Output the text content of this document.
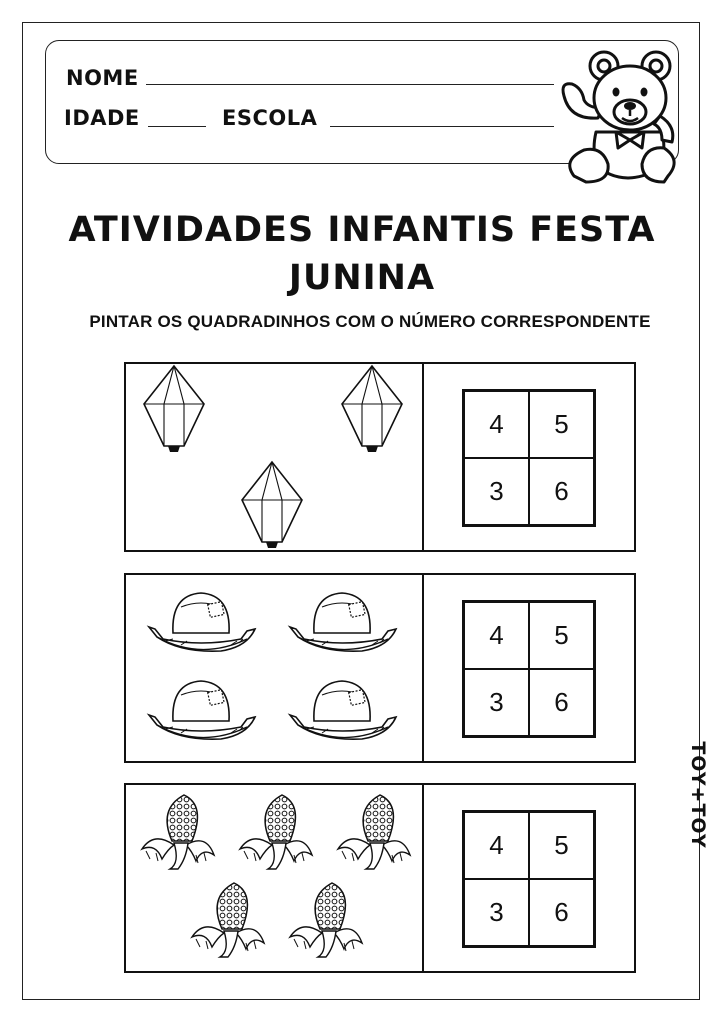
NOME
IDADE	ESCOLA
ATIVIDADES INFANTIS FESTA
JUNINA
PINTAR OS QUADRADINHOS COM O NÚMERO CORRESPONDENTE
4	5
3	6
4	5
3	6
4	5
3	6
TOY+TOY
